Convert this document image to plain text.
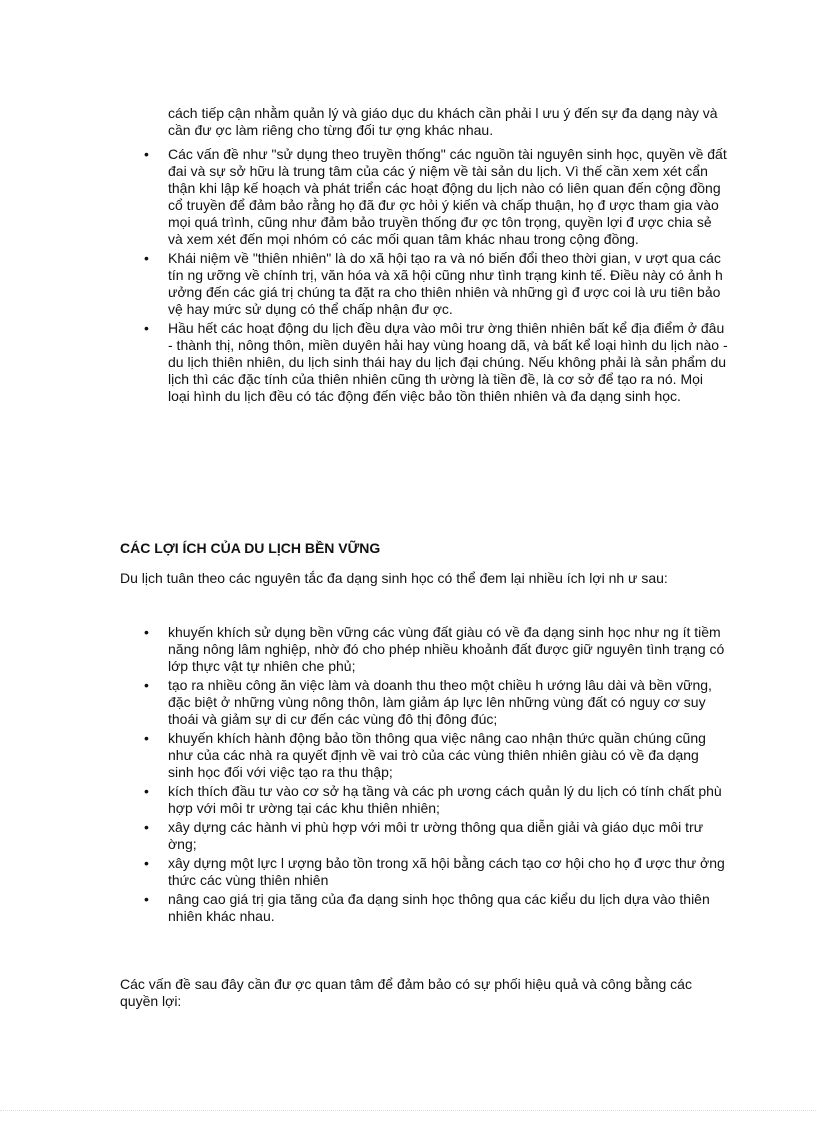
cách tiếp cận nhằm quản lý và giáo dục du khách cần phải l ưu ý đến sự đa dạng này và cần đư ợc làm riêng cho từng đối tư ợng khác nhau.

• Các vấn đề như "sử dụng theo truyền thống" các nguồn tài nguyên sinh học, quyền về đất đai và sự sở hữu là trung tâm của các ý niệm về tài sản du lịch. Vì thế cần xem xét cẩn thận khi lập kế hoạch và phát triển các hoạt động du lịch nào có liên quan đến cộng đồng cổ truyền để đảm bảo rằng họ đã đư ợc hỏi ý kiến và chấp thuận, họ đ ược tham gia vào mọi quá trình, cũng như đảm bảo truyền thống đư ợc tôn trọng, quyền lợi đ ược chia sẻ và xem xét đến mọi nhóm có các mối quan tâm khác nhau trong cộng đồng.
• Khái niệm về "thiên nhiên" là do xã hội tạo ra và nó biến đổi theo thời gian, v ượt qua các tín ng ưỡng về chính trị, văn hóa và xã hội cũng như tình trạng kinh tế. Điều này có ảnh h ưởng đến các giá trị chúng ta đặt ra cho thiên nhiên và những gì đ ược coi là ưu tiên bảo vệ hay mức sử dụng có thể chấp nhận đư ợc.
• Hầu hết các hoạt động du lịch đều dựa vào môi trư ờng thiên nhiên bất kể địa điểm ở đâu - thành thị, nông thôn, miền duyên hải hay vùng hoang dã, và bất kể loại hình du lịch nào - du lịch thiên nhiên, du lịch sinh thái hay du lịch đại chúng. Nếu không phải là sản phẩm du lịch thì các đặc tính của thiên nhiên cũng th ường là tiền đề, là cơ sở để tạo ra nó. Mọi loại hình du lịch đều có tác động đến việc bảo tồn thiên nhiên và đa dạng sinh học.
CÁC LỢI ÍCH CỦA DU LỊCH BỀN VỮNG

Du lịch tuân theo các nguyên tắc đa dạng sinh học có thể đem lại nhiều ích lợi nh ư sau:

• khuyến khích sử dụng bền vững các vùng đất giàu có về đa dạng sinh học như ng ít tiềm năng nông lâm nghiệp, nhờ đó cho phép nhiều khoảnh đất được giữ nguyên tình trạng có lớp thực vật tự nhiên che phủ;
• tạo ra nhiều công ăn việc làm và doanh thu theo một chiều h ướng lâu dài và bền vững, đặc biệt ở những vùng nông thôn, làm giảm áp lực lên những vùng đất có nguy cơ suy thoái và giảm sự di cư đến các vùng đô thị đông đúc;
• khuyến khích hành động bảo tồn thông qua việc nâng cao nhận thức quần chúng cũng như của các nhà ra quyết định về vai trò của các vùng thiên nhiên giàu có về đa dạng sinh học đối với việc tạo ra thu thập;
• kích thích đầu tư vào cơ sở hạ tầng và các ph ương cách quản lý du lịch có tính chất phù hợp với môi tr ường tại các khu thiên nhiên;
• xây dựng các hành vi phù hợp với môi tr ường thông qua diễn giải và giáo dục môi trư ờng;
• xây dựng một lực l ượng bảo tồn trong xã hội bằng cách tạo cơ hội cho họ đ ược thư ởng thức các vùng thiên nhiên
• nâng cao giá trị gia tăng của đa dạng sinh học thông qua các kiểu du lịch dựa vào thiên nhiên khác nhau.

Các vấn đề sau đây cần đư ợc quan tâm để đảm bảo có sự phối hiệu quả và công bằng các quyền lợi:
